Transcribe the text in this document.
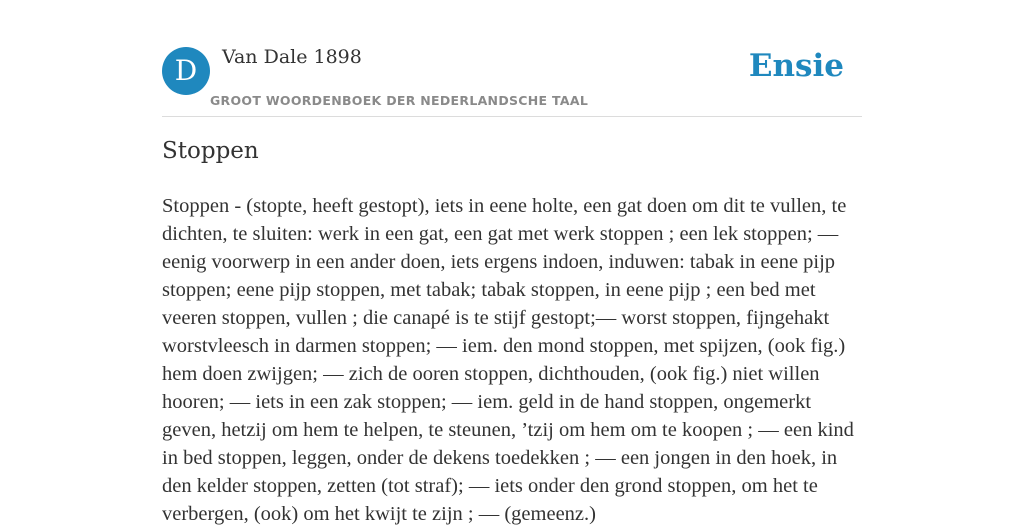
D	Van Dale 1898
GROOT WOORDENBOEK DER NEDERLANDSCHE TAAL
Ensie
Stoppen

Stoppen - (stopte, heeft gestopt), iets in eene holte, een gat doen om dit te vullen, te dichten, te sluiten: werk in een gat, een gat met werk stoppen ; een lek stoppen; — eenig voorwerp in een ander doen, iets ergens indoen, induwen: tabak in eene pijp stoppen; eene pijp stoppen, met tabak; tabak stoppen, in eene pijp ; een bed met veeren stoppen, vullen ; die canapé is te stijf gestopt;— worst stoppen, fijngehakt worstvleesch in darmen stoppen; — iem. den mond stoppen, met spijzen, (ook fig.) hem doen zwijgen; — zich de ooren stoppen, dichthouden, (ook fig.) niet willen hooren; — iets in een zak stoppen; — iem. geld in de hand stoppen, ongemerkt geven, hetzij om hem te helpen, te steunen, ’tzij om hem om te koopen ; — een kind in bed stoppen, leggen, onder de dekens toedekken ; — een jongen in den hoek, in den kelder stoppen, zetten (tot straf); — iets onder den grond stoppen, om het te verbergen, (ook) om het kwijt te zijn ; — (gemeenz.)
